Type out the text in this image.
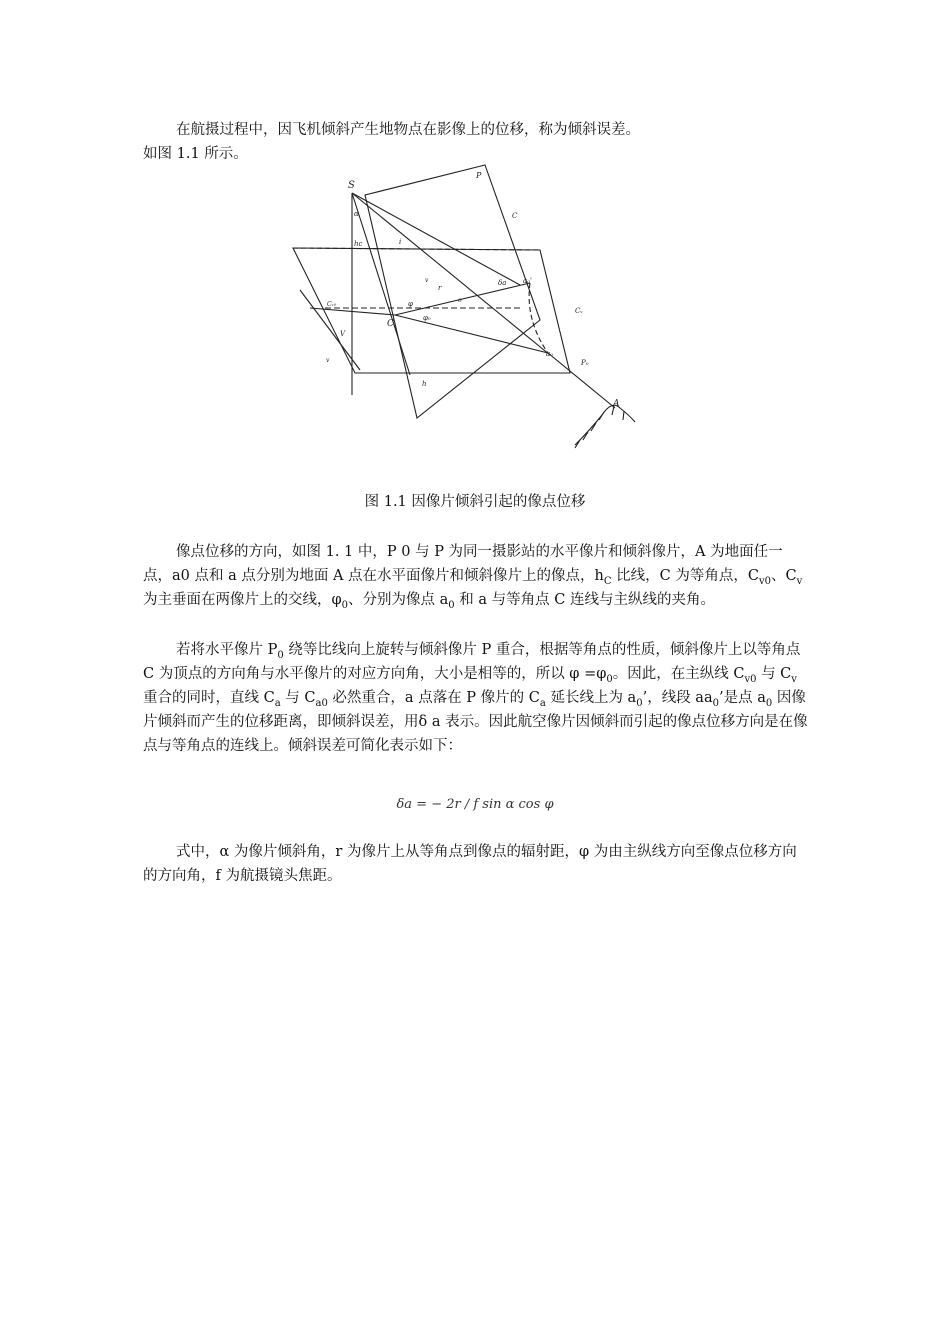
在航摄过程中，因飞机倾斜产生地物点在影像上的位移，称为倾斜误差。
如图 1.1 所示。
S
α
P
C
hc	i
v
r
δa a₀'
Cᵥ₀	φ
φ₀
C
Cᵥ
o
V
v
a₀
P₀
h
A
图 1.1 因像片倾斜引起的像点位移
像点位移的方向，如图 1. 1 中，P 0 与 P 为同一摄影站的水平像片和倾斜像片，A 为地面任一点，a0 点和 a 点分别为地面 A 点在水平面像片和倾斜像片上的像点，$h_C$ 比线，C 为等角点，$C_{v0}$、$C_v$ 为主垂面在两像片上的交线，$\varphi_0$、分别为像点 $a_0$ 和 a 与等角点 C 连线与主纵线的夹角。
若将水平像片 $P_0$ 绕等比线向上旋转与倾斜像片 P 重合，根据等角点的性质，倾斜像片上以等角点 C 为顶点的方向角与水平像片的对应方向角，大小是相等的，所以 $\varphi =\varphi_0$。因此，在主纵线 $C_{v0}$ 与 $C_v$ 重合的同时，直线 $C_a$ 与 $C_{a0}$ 必然重合，a 点落在 P 像片的 $C_a$ 延长线上为 $a_0$’，线段 $aa_0$’是点 $a_0$ 因像片倾斜而产生的位移距离，即倾斜误差，用δ a 表示。因此航空像片因倾斜而引起的像点位移方向是在像点与等角点的连线上。倾斜误差可简化表示如下：
δa = − 2r / f sin α cos φ
式中，α 为像片倾斜角，r 为像片上从等角点到像点的辐射距，φ 为由主纵线方向至像点位移方向的方向角，f 为航摄镜头焦距。
